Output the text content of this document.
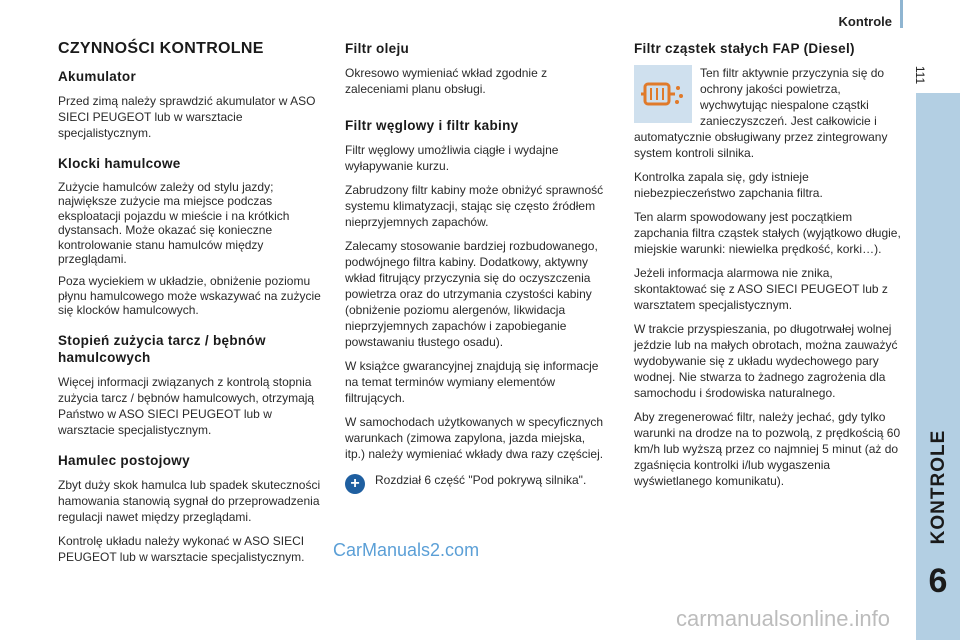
Kontrole
111
KONTROLE
6
CZYNNOŚCI KONTROLNE
Akumulator

Przed zimą należy sprawdzić akumulator w ASO SIECI PEUGEOT lub w warsztacie specjalistycznym.

Klocki hamulcowe

Zużycie hamulców zależy od stylu jazdy; największe zużycie ma miejsce podczas eksploatacji pojazdu w mieście i na krótkich dystansach. Może okazać się konieczne kontrolowanie stanu hamulców między przeglądami.

Poza wyciekiem w układzie, obniżenie poziomu płynu hamulcowego może wskazywać na zużycie się klocków hamulcowych.

Stopień zużycia tarcz / bębnów hamulcowych

Więcej informacji związanych z kontrolą stopnia zużycia tarcz / bębnów hamulcowych, otrzymają Państwo w ASO SIECI PEUGEOT lub w warsztacie specjalistycznym.

Hamulec postojowy

Zbyt duży skok hamulca lub spadek skuteczności hamowania stanowią sygnał do przeprowadzenia regulacji nawet między przeglądami.

Kontrolę układu należy wykonać w ASO SIECI PEUGEOT lub w warsztacie specjalistycznym.

Filtr oleju

Okresowo wymieniać wkład zgodnie z zaleceniami planu obsługi.

Filtr węglowy i filtr kabiny

Filtr węglowy umożliwia ciągłe i wydajne wyłapywanie kurzu.

Zabrudzony filtr kabiny może obniżyć sprawność systemu klimatyzacji, stając się często źródłem nieprzyjemnych zapachów.

Zalecamy stosowanie bardziej rozbudowanego, podwójnego filtra kabiny. Dodatkowy, aktywny wkład fitrujący przyczynia się do oczyszczenia powietrza oraz do utrzymania czystości kabiny (obniżenie poziomu alergenów, likwidacja nieprzyjemnych zapachów i zapobieganie powstawaniu tłustego osadu).

W książce gwarancyjnej znajdują się informacje na temat terminów wymiany elementów filtrujących.

W samochodach użytkowanych w specyficznych warunkach (zimowa zapylona, jazda miejska, itp.) należy wymieniać wkłady dwa razy częściej.

+	Rozdział 6 część "Pod pokrywą silnika".

Filtr cząstek stałych FAP (Diesel)

Ten filtr aktywnie przyczynia się do ochrony jakości powietrza, wychwytując niespalone cząstki zanieczyszczeń. Jest całkowicie i automatycznie obsługiwany przez zintegrowany system kontroli silnika.

Kontrolka zapala się, gdy istnieje niebezpieczeństwo zapchania filtra.

Ten alarm spowodowany jest początkiem zapchania filtra cząstek stałych (wyjątkowo długie, miejskie warunki: niewielka prędkość, korki…).

Jeżeli informacja alarmowa nie znika, skontaktować się z ASO SIECI PEUGEOT lub z warsztatem specjalistycznym.

W trakcie przyspieszania, po długotrwałej wolnej jeździe lub na małych obrotach, można zauważyć wydobywanie się z układu wydechowego pary wodnej. Nie stwarza to żadnego zagrożenia dla samochodu i środowiska naturalnego.

Aby zregenerować filtr, należy jechać, gdy tylko warunki na drodze na to pozwolą, z prędkością 60 km/h lub wyższą przez co najmniej 5 minut (aż do zgaśnięcia kontrolki i/lub wygaszenia wyświetlanego komunikatu).

CarManuals2.com
carmanualsonline.info
